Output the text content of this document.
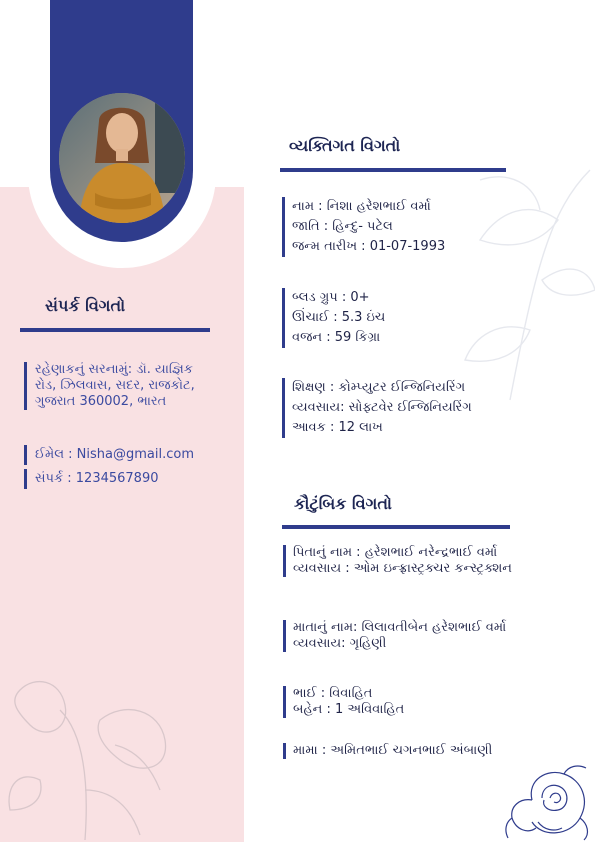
સંપર્ક વિગતો
રહેણાકનું સરનામું: ડૉ. યાજ્ઞિક
રોડ, ઝિલવાસ, સદર, રાજકોટ,
ગુજરાત 360002, ભારત
ઈમેલ : Nisha@gmail.com
સંપર્ક : 1234567890
વ્યક્તિગત વિગતો
નામ : નિશા હરેશભાઈ વર્મા
જાતિ : હિન્દુ- પટેલ
જન્મ તારીખ : 01-07-1993
બ્લડ ગ્રુપ : 0+
ઊંચાઈ : 5.3 ઇંચ
વજન : 59 કિગ્રા
શિક્ષણ : કોમ્પ્યુટર ઈન્જિનિયરિંગ
વ્યવસાય: સોફ્ટવેર ઈન્જિનિયરિંગ
આવક : 12 લાખ
કૌટુંબિક વિગતો
પિતાનું નામ : હરેશભાઈ નરેન્દ્રભાઈ વર્મા
વ્યવસાય : ઓમ ઇન્ફ્રાસ્ટ્રક્ચર કન્સ્ટ્રક્શન
માતાનું નામ: લિલાવતીબેન હરેશભાઈ વર્મા
વ્યવસાય: ગૃહિણી
ભાઈ : વિવાહિત
બહેન : 1 અવિવાહિત
મામા : અમિતભાઈ ચગનભાઈ અંબાણી
